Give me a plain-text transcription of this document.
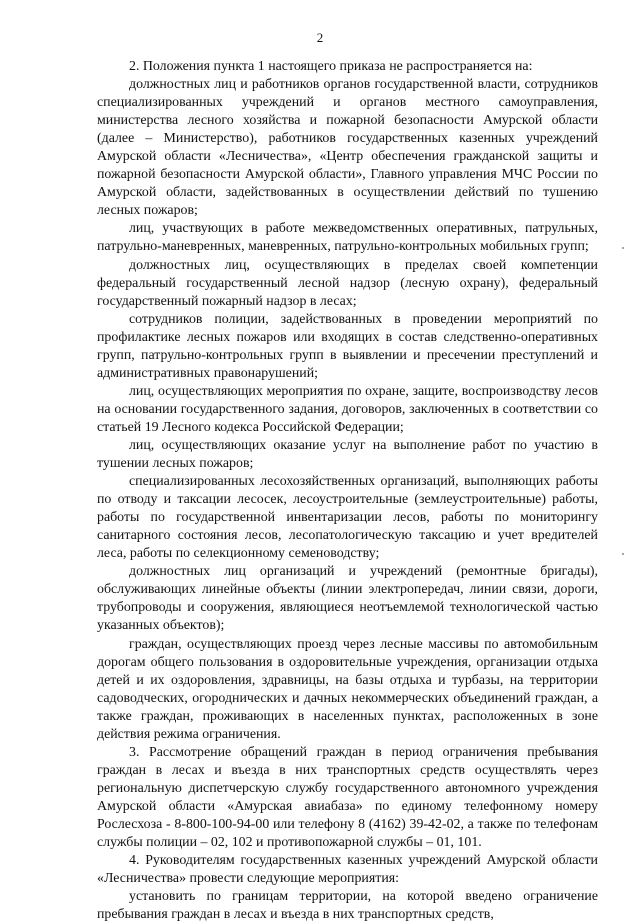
2

2. Положения пункта 1 настоящего приказа не распространяется на:

должностных лиц и работников органов государственной власти, сотрудников специализированных учреждений и органов местного самоуправления, министерства лесного хозяйства и пожарной безопасности Амурской области (далее – Министерство), работников государственных казенных учреждений Амурской области «Лесничества», «Центр обеспечения гражданской защиты и пожарной безопасности Амурской области», Главного управления МЧС России по Амурской области, задействованных в осуществлении действий по тушению лесных пожаров;

лиц, участвующих в работе межведомственных оперативных, патрульных, патрульно-маневренных, маневренных, патрульно-контрольных мобильных групп;

должностных лиц, осуществляющих в пределах своей компетенции федеральный государственный лесной надзор (лесную охрану), федеральный государственный пожарный надзор в лесах;

сотрудников полиции, задействованных в проведении мероприятий по профилактике лесных пожаров или входящих в состав следственно-оперативных групп, патрульно-контрольных групп в выявлении и пресечении преступлений и административных правонарушений;

лиц, осуществляющих мероприятия по охране, защите, воспроизводству лесов на основании государственного задания, договоров, заключенных в соответствии со статьей 19 Лесного кодекса Российской Федерации;

лиц, осуществляющих оказание услуг на выполнение работ по участию в тушении лесных пожаров;

специализированных лесохозяйственных организаций, выполняющих работы по отводу и таксации лесосек, лесоустроительные (землеустроительные) работы, работы по государственной инвентаризации лесов, работы по мониторингу санитарного состояния лесов, лесопатологическую таксацию и учет вредителей леса, работы по селекционному семеноводству;

должностных лиц организаций и учреждений (ремонтные бригады), обслуживающих линейные объекты (линии электропередач, линии связи, дороги, трубопроводы и сооружения, являющиеся неотъемлемой технологической частью указанных объектов);

граждан, осуществляющих проезд через лесные массивы по автомобильным дорогам общего пользования в оздоровительные учреждения, организации отдыха детей и их оздоровления, здравницы, на базы отдыха и турбазы, на территории садоводческих, огороднических и дачных некоммерческих объединений граждан, а также граждан, проживающих в населенных пунктах, расположенных в зоне действия режима ограничения.

3. Рассмотрение обращений граждан в период ограничения пребывания граждан в лесах и въезда в них транспортных средств осуществлять через региональную диспетчерскую службу государственного автономного учреждения Амурской области «Амурская авиабаза» по единому телефонному номеру Рослесхоза - 8-800-100-94-00 или телефону 8 (4162) 39-42-02, а также по телефонам службы полиции – 02, 102 и противопожарной службы – 01, 101.

4. Руководителям государственных казенных учреждений Амурской области «Лесничества» провести следующие мероприятия:

установить по границам территории, на которой введено ограничение пребывания граждан в лесах и въезда в них транспортных средств,
